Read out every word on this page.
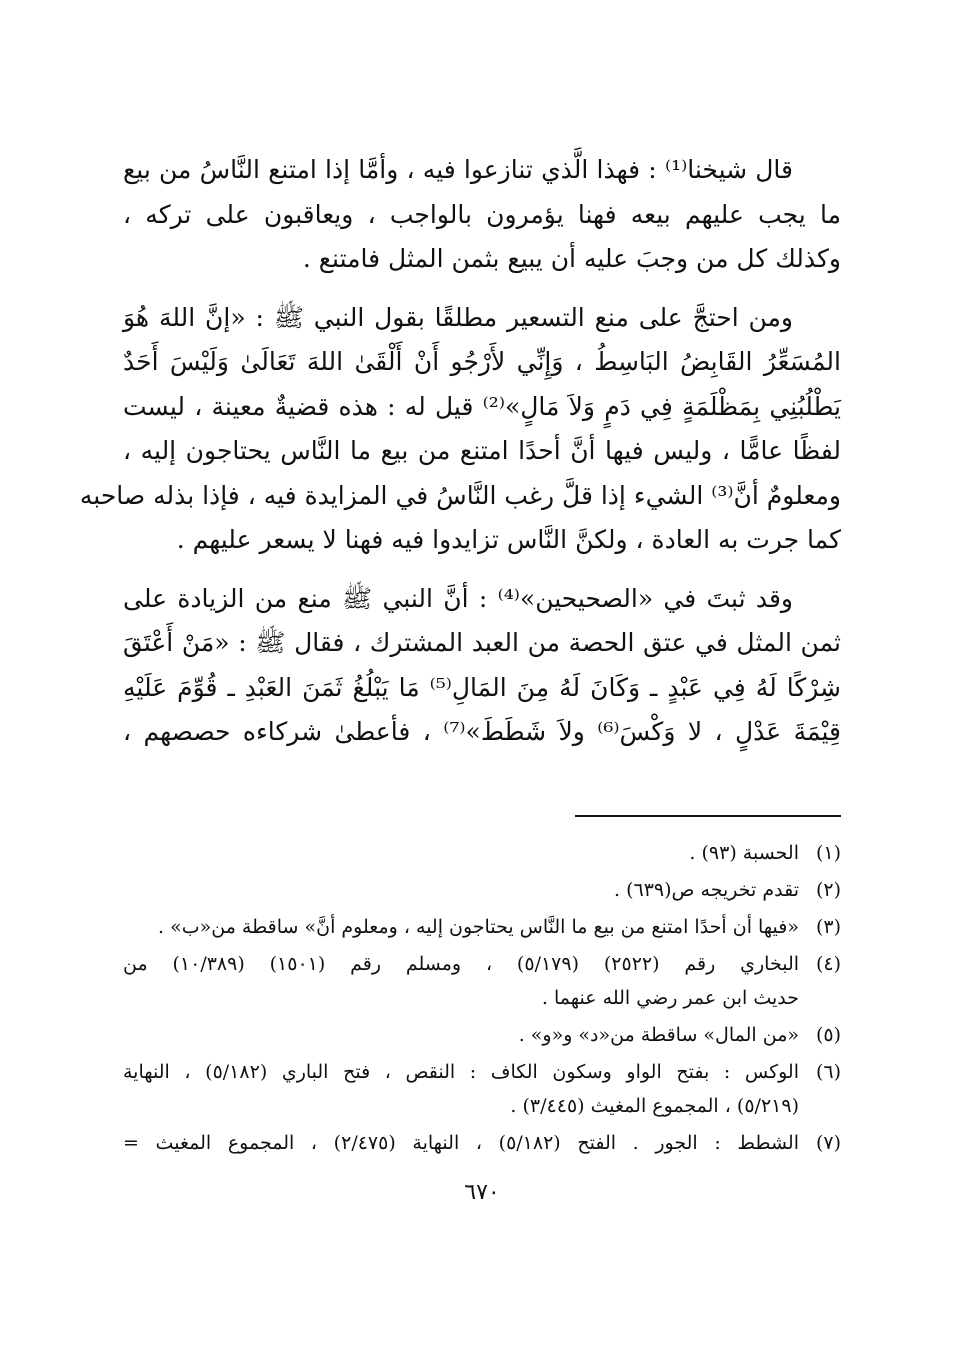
قال شيخنا⁽¹⁾ : فهذا الَّذي تنازعوا فيه ، وأمَّا إذا امتنع النَّاسُ من بيع
ما يجب عليهم بيعه فهنا يؤمرون بالواجب ، ويعاقبون على تركه ،
وكذلك كل من وجبَ عليه أن يبيع بثمن المثل فامتنع .

ومن احتجَّ على منع التسعير مطلقًا بقول النبي ﷺ : «إنَّ اللهَ هُوَ
المُسَعِّرُ القَابِضُ البَاسِطُ ، وَإِنِّي لأَرْجُو أَنْ أَلْقَىٰ اللهَ تَعَالَىٰ وَلَيْسَ أَحَدٌ
يَطْلُبُنِي بِمَظْلَمَةٍ فِي دَمٍ وَلاَ مَالٍ»⁽²⁾ قيل له : هذه قضيةٌ معينة ، ليست
لفظًا عامًّا ، وليس فيها أنَّ أحدًا امتنع من بيع ما النَّاس يحتاجون إليه ،
ومعلومٌ أنَّ⁽³⁾ الشيء إذا قلَّ رغب النَّاسُ في المزايدة فيه ، فإذا بذله صاحبه
كما جرت به العادة ، ولكنَّ النَّاس تزايدوا فيه فهنا لا يسعر عليهم .

وقد ثبتَ في «الصحيحين»⁽⁴⁾ : أنَّ النبي ﷺ منع من الزيادة على
ثمن المثل في عتق الحصة من العبد المشترك ، فقال ﷺ : «مَنْ أَعْتَقَ
شِرْكًا لَهُ فِي عَبْدٍ ـ وَكَانَ لَهُ مِنَ المَالِ⁽⁵⁾ مَا يَبْلُغُ ثَمَنَ العَبْدِ ـ قُوِّمَ عَلَيْهِ
قِيْمَةَ عَدْلٍ ، لا وَكْسَ⁽⁶⁾ ولاَ شَطَطَ»⁽⁷⁾ ، فأعطىٰ شركاءه حصصهم ،

(١)
الحسبة (٩٣) .
(٢)
تقدم تخريجه ص(٦٣٩) .
(٣)
«فيها أن أحدًا امتنع من بيع ما النَّاس يحتاجون إليه ، ومعلوم أنَّ» ساقطة من«ب» .
(٤)
البخاري رقم (٢٥٢٢) (٥/١٧٩) ، ومسلم رقم (١٥٠١) (١٠/٣٨٩) من
حديث ابن عمر رضي الله عنهما .
(٥)
«من المال» ساقطة من«د» و«و» .
(٦)
الوكس : بفتح الواو وسكون الكاف : النقص ، فتح الباري (٥/١٨٢) ، النهاية
(٥/٢١٩) ، المجموع المغيث (٣/٤٤٥) .
(٧)
الشطط : الجور . الفتح (٥/١٨٢) ، النهاية (٢/٤٧٥) ، المجموع المغيث =
٦٧٠
